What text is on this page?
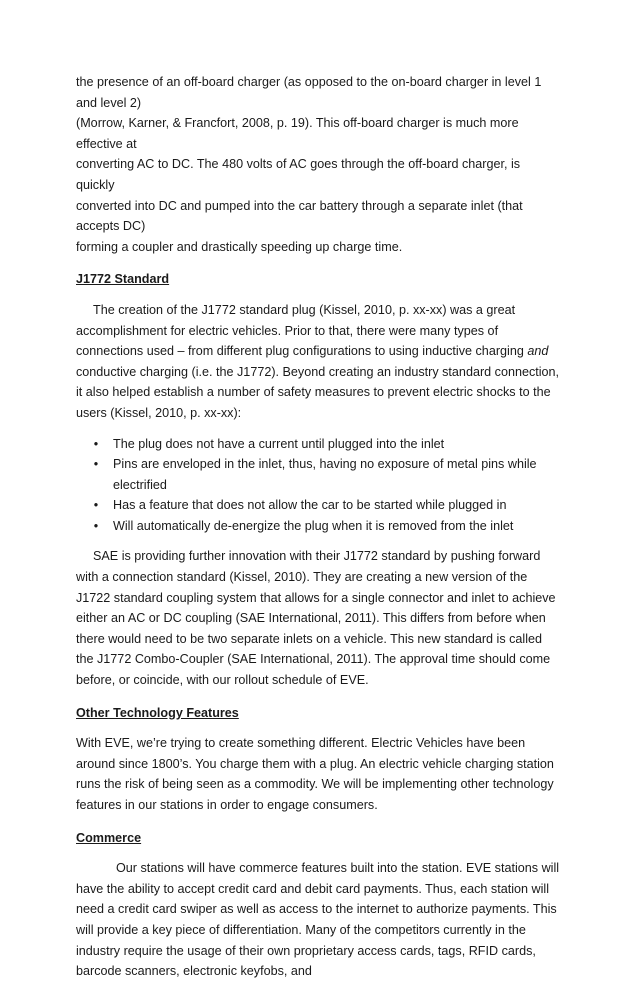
the presence of an off-board charger (as opposed to the on-board charger in level 1 and level 2)

(Morrow, Karner, & Francfort, 2008, p. 19). This off-board charger is much more effective at

converting AC to DC. The 480 volts of AC goes through the off-board charger, is quickly

converted into DC and pumped into the car battery through a separate inlet (that accepts DC)

forming a coupler and drastically speeding up charge time.

J1772 Standard

The creation of the J1772 standard plug (Kissel, 2010, p. xx-xx) was a great accomplishment for electric vehicles. Prior to that, there were many types of connections used – from different plug configurations to using inductive charging and conductive charging (i.e. the J1772). Beyond creating an industry standard connection, it also helped establish a number of safety measures to prevent electric shocks to the users (Kissel, 2010, p. xx-xx):

• The plug does not have a current until plugged into the inlet
• Pins are enveloped in the inlet, thus, having no exposure of metal pins while electrified
• Has a feature that does not allow the car to be started while plugged in
• Will automatically de-energize the plug when it is removed from the inlet

SAE is providing further innovation with their J1772 standard by pushing forward with a connection standard (Kissel, 2010). They are creating a new version of the J1722 standard coupling system that allows for a single connector and inlet to achieve either an AC or DC coupling (SAE International, 2011). This differs from before when there would need to be two separate inlets on a vehicle. This new standard is called the J1772 Combo-Coupler (SAE International, 2011). The approval time should come before, or coincide, with our rollout schedule of EVE.

Other Technology Features

With EVE, we’re trying to create something different. Electric Vehicles have been around since 1800’s. You charge them with a plug. An electric vehicle charging station runs the risk of being seen as a commodity. We will be implementing other technology features in our stations in order to engage consumers.

Commerce

Our stations will have commerce features built into the station. EVE stations will have the ability to accept credit card and debit card payments. Thus, each station will need a credit card swiper as well as access to the internet to authorize payments. This will provide a key piece of differentiation. Many of the competitors currently in the industry require the usage of their own proprietary access cards, tags, RFID cards, barcode scanners, electronic keyfobs, and
